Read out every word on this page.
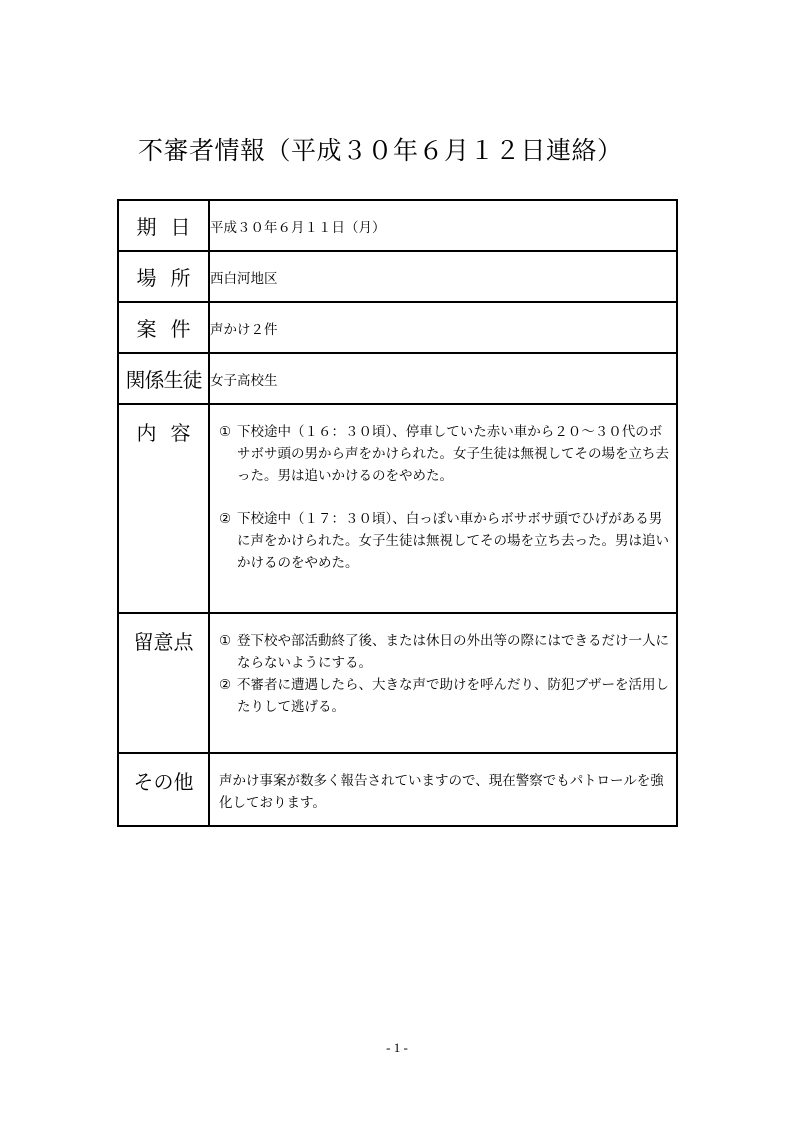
不審者情報（平成３０年６月１２日連絡）
期日	平成３０年６月１１日（月）
場所	西白河地区
案件	声かけ２件
関係生徒	女子高校生
内容	① 下校途中（１６：３０頃）、停車していた赤い車から２０～３０代のボサボサ頭の男から声をかけられた。女子生徒は無視してその場を立ち去った。男は追いかけるのをやめた。
② 下校途中（１７：３０頃）、白っぽい車からボサボサ頭でひげがある男に声をかけられた。女子生徒は無視してその場を立ち去った。男は追いかけるのをやめた。

留意点	① 登下校や部活動終了後、または休日の外出等の際にはできるだけ一人にならないようにする。
② 不審者に遭遇したら、大きな声で助けを呼んだり、防犯ブザーを活用したりして逃げる。

その他	声かけ事案が数多く報告されていますので、現在警察でもパトロールを強化しております。
- 1 -
